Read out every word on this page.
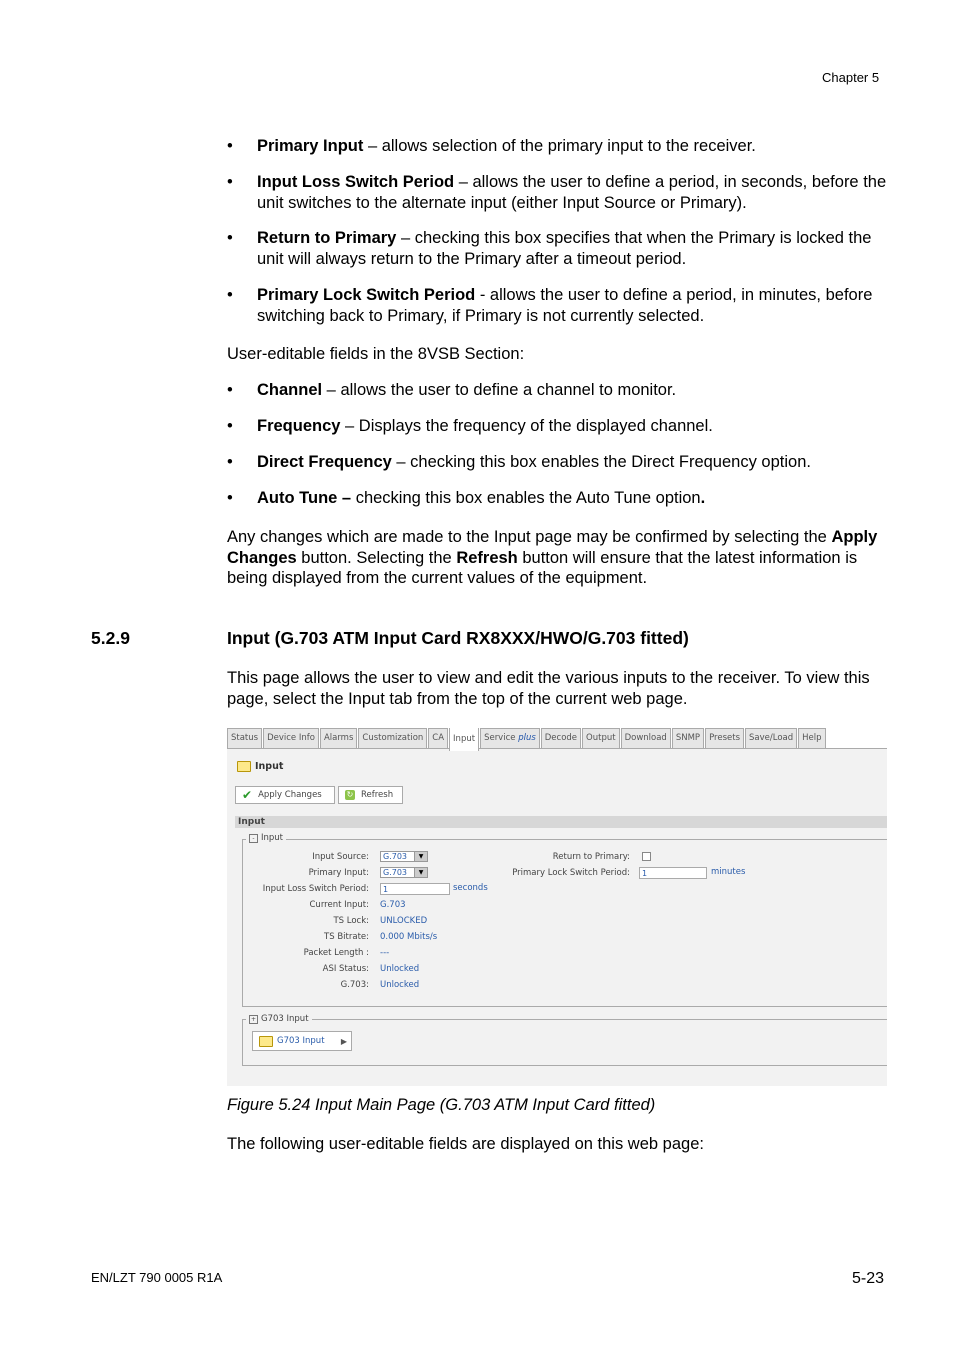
Chapter 5
• Primary Input – allows selection of the primary input to the receiver.
• Input Loss Switch Period – allows the user to define a period, in seconds, before the unit switches to the alternate input (either Input Source or Primary).
• Return to Primary – checking this box specifies that when the Primary is locked the unit will always return to the Primary after a timeout period.
• Primary Lock Switch Period - allows the user to define a period, in minutes, before switching back to Primary, if Primary is not currently selected.
User-editable fields in the 8VSB Section:
• Channel – allows the user to define a channel to monitor.
• Frequency – Displays the frequency of the displayed channel.
• Direct Frequency – checking this box enables the Direct Frequency option.
• Auto Tune – checking this box enables the Auto Tune option.
Any changes which are made to the Input page may be confirmed by selecting the Apply Changes button. Selecting the Refresh button will ensure that the latest information is being displayed from the current values of the equipment.
5.2.9	Input (G.703 ATM Input Card RX8XXX/HWO/G.703 fitted)
This page allows the user to view and edit the various inputs to the receiver. To view this page, select the Input tab from the top of the current web page.
Status	Device Info	Alarms	Customization	CA	Input	Service plus	Decode	Output	Download	SNMP	Presets	Save/Load	Help
Input
✔ Apply Changes	↻ Refresh
Input
- Input
Input Source:	G.703	▼
Primary Input:	G.703	▼
Input Loss Switch Period:	1	seconds
Current Input: G.703
TS Lock: UNLOCKED
TS Bitrate: 0.000 Mbits/s
Packet Length : ---
ASI Status: Unlocked
G.703: Unlocked
Return to Primary:
Primary Lock Switch Period:	1	minutes
+ G703 Input
G703 Input ▶
Figure 5.24 Input Main Page (G.703 ATM Input Card fitted)
The following user-editable fields are displayed on this web page:
EN/LZT 790 0005 R1A	5-23
